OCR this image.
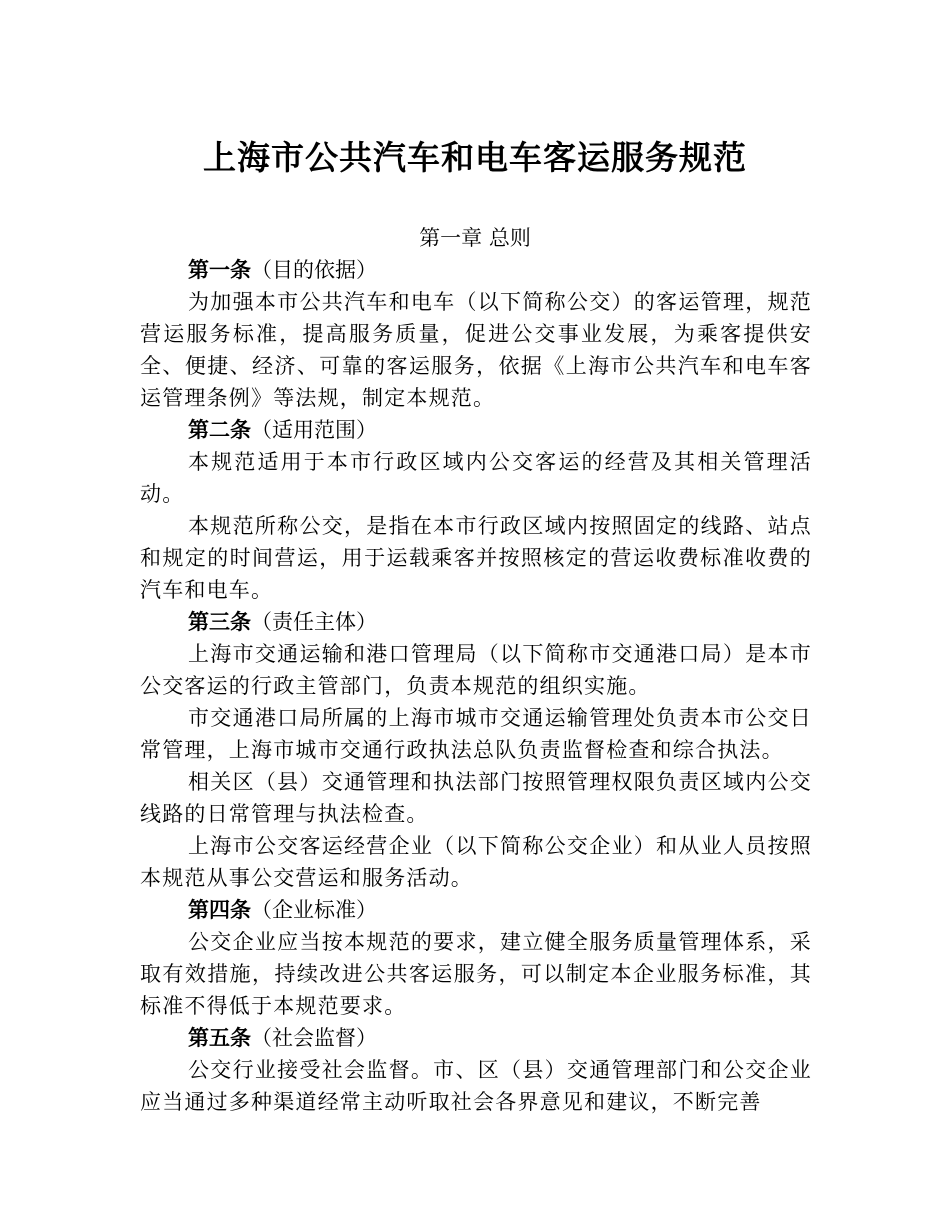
上海市公共汽车和电车客运服务规范

第一章 总则

第一条（目的依据）

为加强本市公共汽车和电车（以下简称公交）的客运管理，规范营运服务标准，提高服务质量，促进公交事业发展，为乘客提供安全、便捷、经济、可靠的客运服务，依据《上海市公共汽车和电车客运管理条例》等法规，制定本规范。

第二条（适用范围）

本规范适用于本市行政区域内公交客运的经营及其相关管理活动。

本规范所称公交，是指在本市行政区域内按照固定的线路、站点和规定的时间营运，用于运载乘客并按照核定的营运收费标准收费的汽车和电车。

第三条（责任主体）

上海市交通运输和港口管理局（以下简称市交通港口局）是本市公交客运的行政主管部门，负责本规范的组织实施。

市交通港口局所属的上海市城市交通运输管理处负责本市公交日常管理，上海市城市交通行政执法总队负责监督检查和综合执法。

相关区（县）交通管理和执法部门按照管理权限负责区域内公交线路的日常管理与执法检查。

上海市公交客运经营企业（以下简称公交企业）和从业人员按照本规范从事公交营运和服务活动。

第四条（企业标准）

公交企业应当按本规范的要求，建立健全服务质量管理体系，采取有效措施，持续改进公共客运服务，可以制定本企业服务标准，其标准不得低于本规范要求。

第五条（社会监督）

公交行业接受社会监督。市、区（县）交通管理部门和公交企业应当通过多种渠道经常主动听取社会各界意见和建议，不断完善
